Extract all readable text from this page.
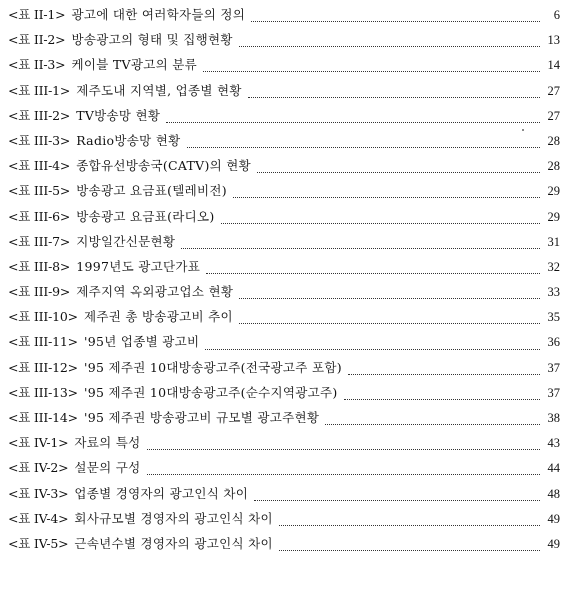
<표 II-1> 광고에 대한 여러학자들의 정의	6
<표 II-2> 방송광고의 형태 및 집행현황	13
<표 II-3> 케이블 TV광고의 분류	14
<표 III-1> 제주도내 지역별, 업종별 현황	27
<표 III-2> TV방송망 현황	27
<표 III-3> Radio방송망 현황	28
<표 III-4> 종합유선방송국(CATV)의 현황	28
<표 III-5> 방송광고 요금표(텔레비전)	29
<표 III-6> 방송광고 요금표(라디오)	29
<표 III-7> 지방일간신문현황	31
<표 III-8> 1997년도 광고단가표	32
<표 III-9> 제주지역 옥외광고업소 현황	33
<표 III-10> 제주권 총 방송광고비 추이	35
<표 III-11> '95년 업종별 광고비	36
<표 III-12> '95 제주권 10대방송광고주(전국광고주 포함)	37
<표 III-13> '95 제주권 10대방송광고주(순수지역광고주)	37
<표 III-14> '95 제주권 방송광고비 규모별 광고주현황	38
<표 IV-1> 자료의 특성	43
<표 IV-2> 설문의 구성	44
<표 IV-3> 업종별 경영자의 광고인식 차이	48
<표 IV-4> 회사규모별 경영자의 광고인식 차이	49
<표 IV-5> 근속년수별 경영자의 광고인식 차이	49
